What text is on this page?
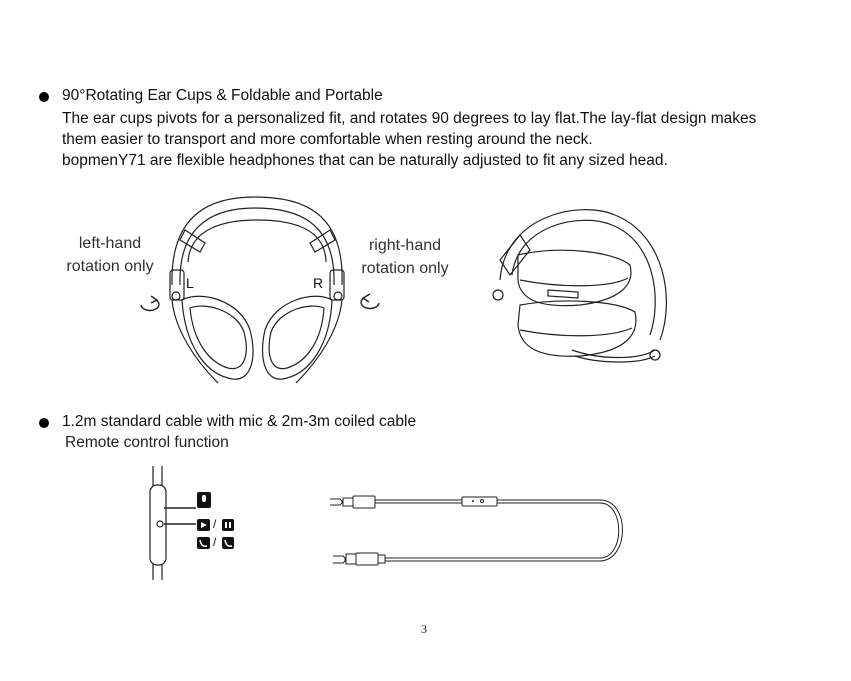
90°Rotating Ear Cups & Foldable and Portable
The ear cups pivots for a personalized fit, and rotates 90 degrees to lay flat.The lay-flat design makes
them easier to transport and more comfortable when resting around the neck.
bopmenY71 are flexible headphones that can be naturally adjusted to fit any sized head.
left-hand
rotation only
right-hand
rotation only
L	R
1.2m standard cable with mic & 2m-3m coiled cable
Remote control function
/
/
3
